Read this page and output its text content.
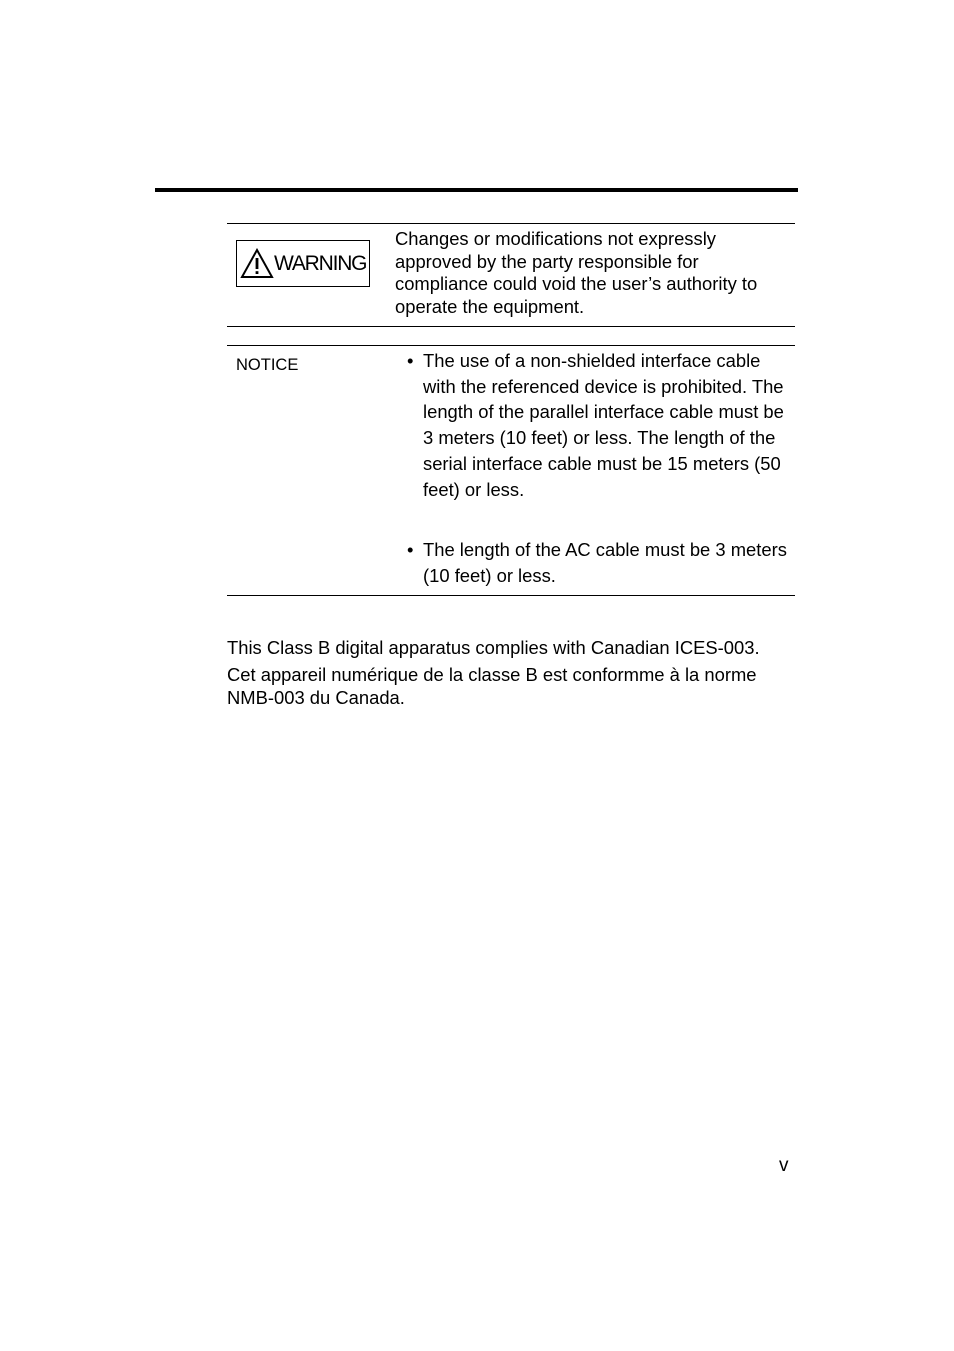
WARNING
Changes or modifications not expressly approved by the party responsible for compliance could void the user’s authority to operate the equipment.
NOTICE	• The use of a non-shielded interface cable with the referenced device is prohibited. The length of the parallel interface cable must be 3 meters (10 feet) or less. The length of the serial interface cable must be 15 meters (50 feet) or less.
• The length of the AC cable must be 3 meters (10 feet) or less.
This Class B digital apparatus complies with Canadian ICES-003.
Cet appareil numérique de la classe B est conformme à la norme NMB-003 du Canada.
v
